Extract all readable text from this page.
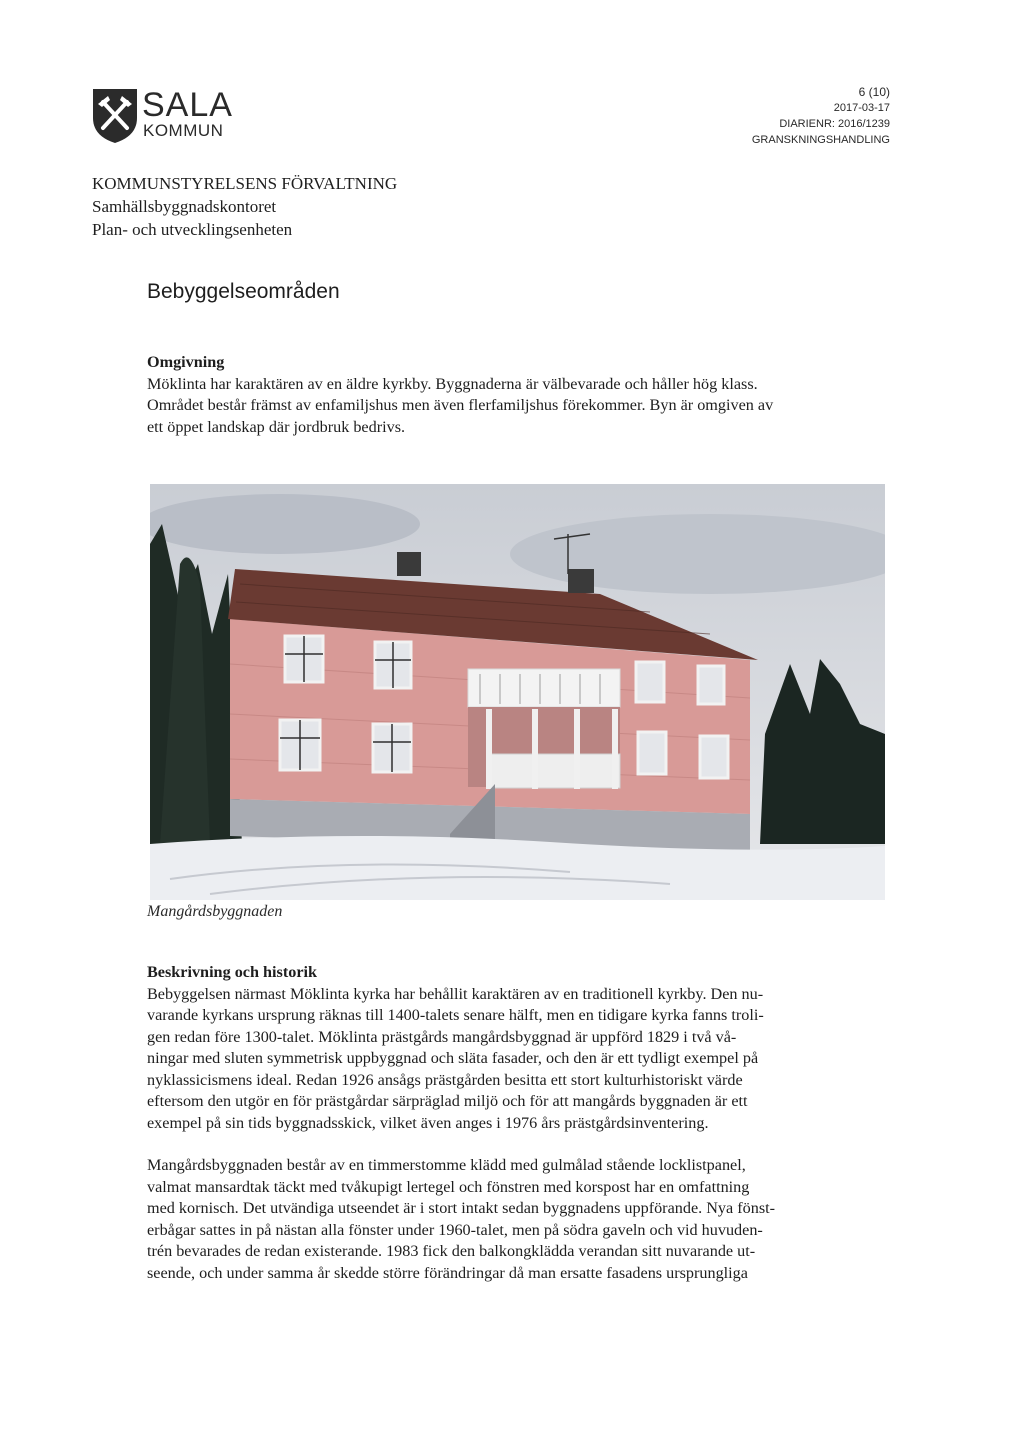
SALA
KOMMUN
6 (10)
2017-03-17
DIARIENR: 2016/1239
GRANSKNINGSHANDLING
KOMMUNSTYRELSENS FÖRVALTNING
Samhällsbyggnadskontoret
Plan- och utvecklingsenheten
Bebyggelseområden
Omgivning

Möklinta har karaktären av en äldre kyrkby. Byggnaderna är välbevarade och håller hög klass.

Området består främst av enfamiljshus men även flerfamiljshus förekommer. Byn är omgiven av

ett öppet landskap där jordbruk bedrivs.

Mangårdsbyggnaden
Beskrivning och historik

Bebyggelsen närmast Möklinta kyrka har behållit karaktären av en traditionell kyrkby. Den nu-

varande kyrkans ursprung räknas till 1400-talets senare hälft, men en tidigare kyrka fanns troli-

gen redan före 1300-talet. Möklinta prästgårds mangårdsbyggnad är uppförd 1829 i två vå-

ningar med sluten symmetrisk uppbyggnad och släta fasader, och den är ett tydligt exempel på

nyklassicismens ideal. Redan 1926 ansågs prästgården besitta ett stort kulturhistoriskt värde

eftersom den utgör en för prästgårdar särpräglad miljö och för att mangårds byggnaden är ett

exempel på sin tids byggnadsskick, vilket även anges i 1976 års prästgårdsinventering.

Mangårdsbyggnaden består av en timmerstomme klädd med gulmålad stående locklistpanel,

valmat mansardtak täckt med tvåkupigt lertegel och fönstren med korspost har en omfattning

med kornisch. Det utvändiga utseendet är i stort intakt sedan byggnadens uppförande. Nya fönst-

erbågar sattes in på nästan alla fönster under 1960-talet, men på södra gaveln och vid huvuden-

trén bevarades de redan existerande. 1983 fick den balkongklädda verandan sitt nuvarande ut-

seende, och under samma år skedde större förändringar då man ersatte fasadens ursprungliga
